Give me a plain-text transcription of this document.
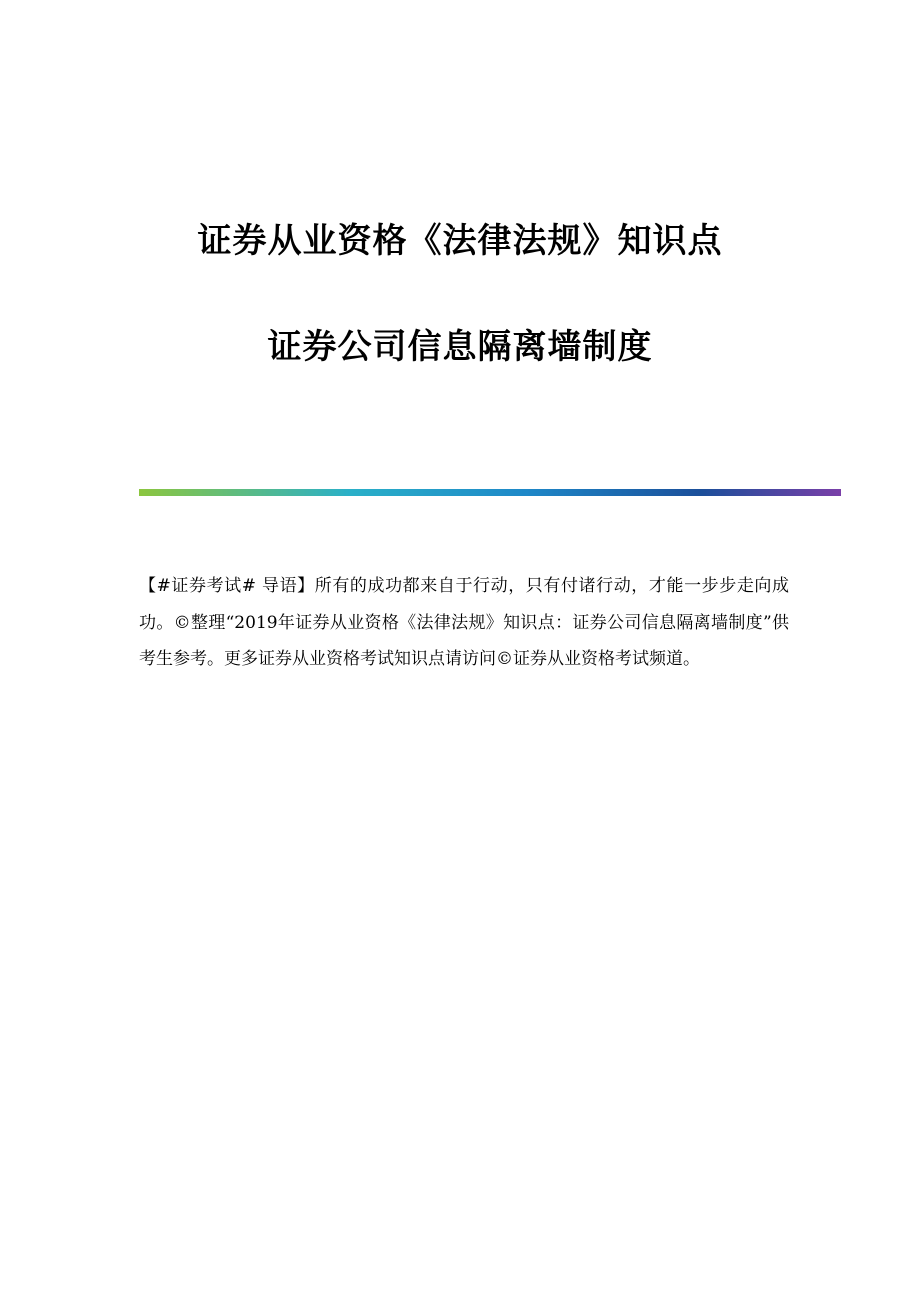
证券从业资格《法律法规》知识点
证券公司信息隔离墙制度

【#证券考试# 导语】所有的成功都来自于行动，只有付诸行动，才能一步步走向成功。©整理“2019年证券从业资格《法律法规》知识点：证券公司信息隔离墙制度”供考生参考。更多证券从业资格考试知识点请访问©证券从业资格考试频道。
